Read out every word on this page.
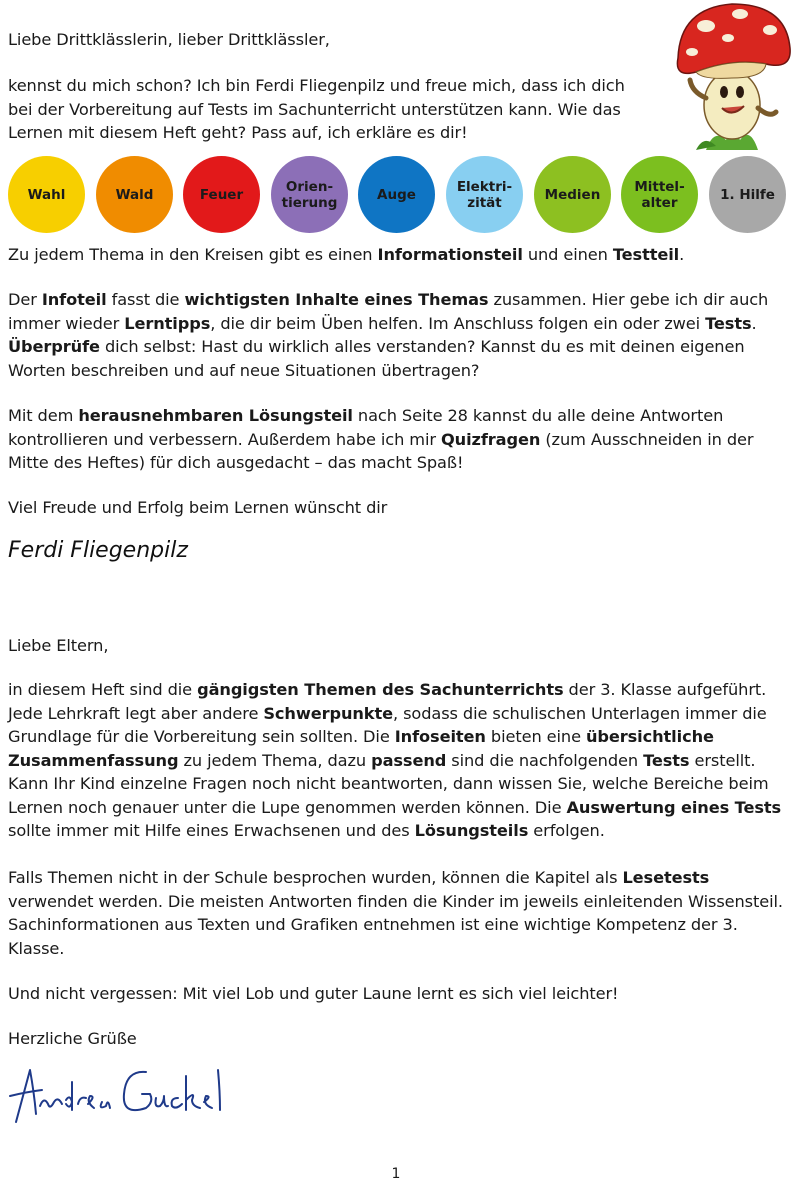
Liebe Drittklässlerin, lieber Drittklässler,

kennst du mich schon? Ich bin Ferdi Fliegenpilz und freue mich, dass ich dich bei der Vorbereitung auf Tests im Sachunterricht unterstützen kann. Wie das Lernen mit diesem Heft geht? Pass auf, ich erkläre es dir!

Wahl	Wald	Feuer	Orien-
tierung	Auge	Elektri-
zität	Medien	Mittel-
alter	1. Hilfe

Zu jedem Thema in den Kreisen gibt es einen Informationsteil und einen Testteil.

Der Infoteil fasst die wichtigsten Inhalte eines Themas zusammen. Hier gebe ich dir auch immer wieder Lerntipps, die dir beim Üben helfen. Im Anschluss folgen ein oder zwei Tests. Überprüfe dich selbst: Hast du wirklich alles verstanden? Kannst du es mit deinen eigenen Worten beschreiben und auf neue Situationen übertragen?

Mit dem herausnehmbaren Lösungsteil nach Seite 28 kannst du alle deine Antworten kontrollieren und verbessern. Außerdem habe ich mir Quizfragen (zum Ausschneiden in der Mitte des Heftes) für dich ausgedacht – das macht Spaß!

Viel Freude und Erfolg beim Lernen wünscht dir

Ferdi Fliegenpilz

Liebe Eltern,

in diesem Heft sind die gängigsten Themen des Sachunterrichts der 3. Klasse aufgeführt. Jede Lehrkraft legt aber andere Schwerpunkte, sodass die schulischen Unterlagen immer die Grundlage für die Vorbereitung sein sollten. Die Infoseiten bieten eine übersichtliche Zusammenfassung zu jedem Thema, dazu passend sind die nachfolgenden Tests erstellt. Kann Ihr Kind einzelne Fragen noch nicht beantworten, dann wissen Sie, welche Bereiche beim Lernen noch genauer unter die Lupe genommen werden können. Die Auswertung eines Tests sollte immer mit Hilfe eines Erwachsenen und des Lösungsteils erfolgen.

Falls Themen nicht in der Schule besprochen wurden, können die Kapitel als Lesetests verwendet werden. Die meisten Antworten finden die Kinder im jeweils einleitenden Wissensteil. Sachinformationen aus Texten und Grafiken entnehmen ist eine wichtige Kompetenz der 3. Klasse.

Und nicht vergessen: Mit viel Lob und guter Laune lernt es sich viel leichter!

Herzliche Grüße

1
